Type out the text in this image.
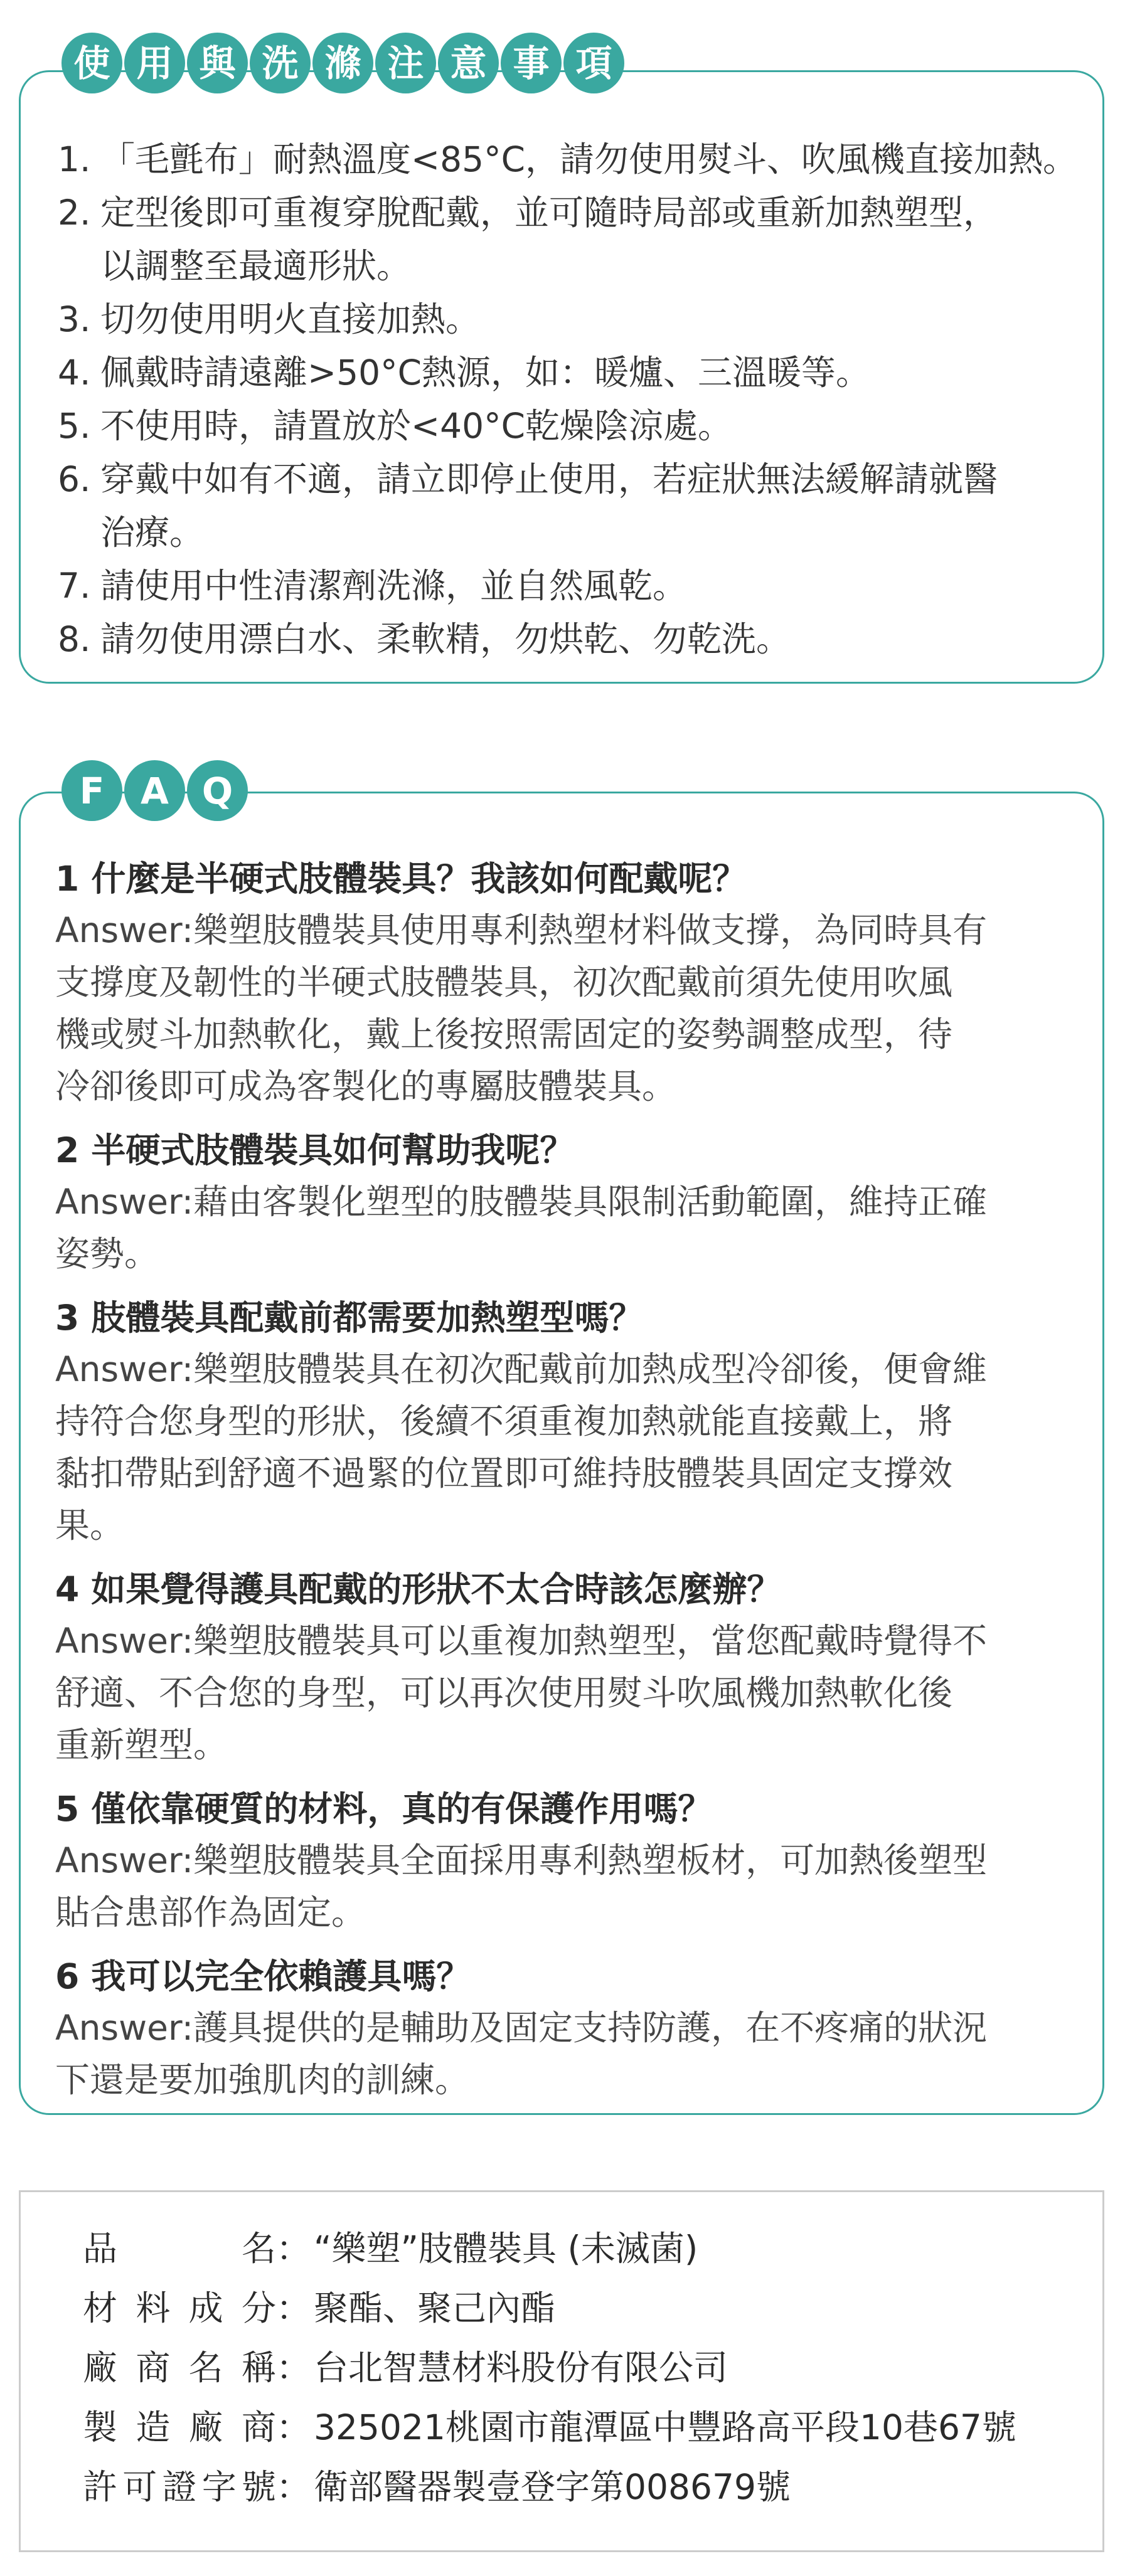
使 用 與 洗 滌 注 意 事 項
1. 「毛氈布」耐熱溫度<85°C，請勿使用熨斗、吹風機直接加熱。
2. 定型後即可重複穿脫配戴，並可隨時局部或重新加熱塑型，
以調整至最適形狀。
3. 切勿使用明火直接加熱。
4. 佩戴時請遠離>50°C熱源，如：暖爐、三溫暖等。
5. 不使用時，請置放於<40°C乾燥陰涼處。
6. 穿戴中如有不適，請立即停止使用，若症狀無法緩解請就醫
治療。
7. 請使用中性清潔劑洗滌，並自然風乾。
8. 請勿使用漂白水、柔軟精，勿烘乾、勿乾洗。
F A Q
1 什麼是半硬式肢體裝具？我該如何配戴呢？
Answer:樂塑肢體裝具使用專利熱塑材料做支撐，為同時具有
支撐度及韌性的半硬式肢體裝具，初次配戴前須先使用吹風
機或熨斗加熱軟化，戴上後按照需固定的姿勢調整成型，待
冷卻後即可成為客製化的專屬肢體裝具。
2 半硬式肢體裝具如何幫助我呢？
Answer:藉由客製化塑型的肢體裝具限制活動範圍，維持正確
姿勢。
3 肢體裝具配戴前都需要加熱塑型嗎？
Answer:樂塑肢體裝具在初次配戴前加熱成型冷卻後，便會維
持符合您身型的形狀，後續不須重複加熱就能直接戴上，將
黏扣帶貼到舒適不過緊的位置即可維持肢體裝具固定支撐效
果。
4 如果覺得護具配戴的形狀不太合時該怎麼辦？
Answer:樂塑肢體裝具可以重複加熱塑型，當您配戴時覺得不
舒適、不合您的身型，可以再次使用熨斗吹風機加熱軟化後
重新塑型。
5 僅依靠硬質的材料，真的有保護作用嗎？
Answer:樂塑肢體裝具全面採用專利熱塑板材，可加熱後塑型
貼合患部作為固定。
6 我可以完全依賴護具嗎？
Answer:護具提供的是輔助及固定支持防護，在不疼痛的狀況
下還是要加強肌肉的訓練。
品	名 ： “樂塑”肢體裝具 (未滅菌)
材 料 成 分 ： 聚酯、聚己內酯
廠 商 名 稱 ： 台北智慧材料股份有限公司
製 造 廠 商 ： 325021桃園市龍潭區中豐路高平段10巷67號
許 可 證 字 號 ： 衛部醫器製壹登字第008679號
